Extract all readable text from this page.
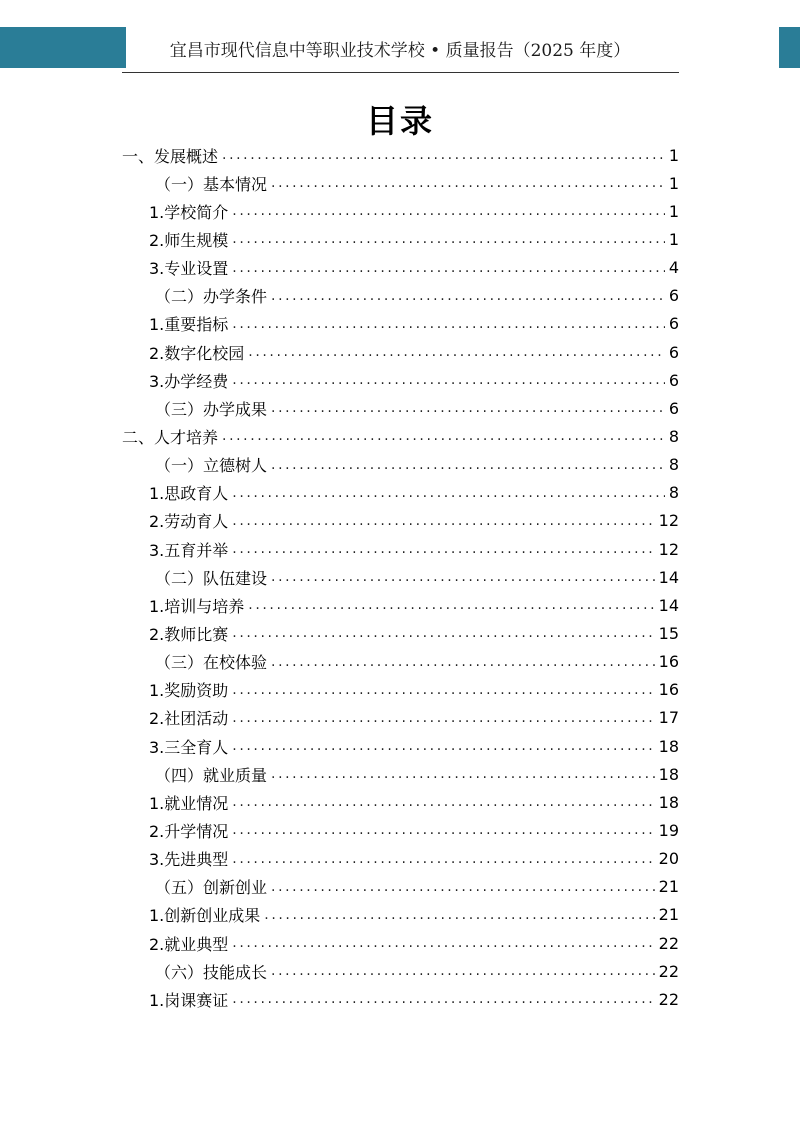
宜昌市现代信息中等职业技术学校 • 质量报告（2025 年度）
目录
一、发展概述 .....	1
（一）基本情况 .....	1
1.学校简介 .....	1
2.师生规模 .....	1
3.专业设置 .....	4
（二）办学条件 .....	6
1.重要指标 .....	6
2.数字化校园 .....	6
3.办学经费 .....	6
（三）办学成果 .....	6
二、人才培养 .....	8
（一）立德树人 .....	8
1.思政育人 .....	8
2.劳动育人 .....	12
3.五育并举 .....	12
（二）队伍建设 .....	14
1.培训与培养 .....	14
2.教师比赛 .....	15
（三）在校体验 .....	16
1.奖励资助 .....	16
2.社团活动 .....	17
3.三全育人 .....	18
（四）就业质量 .....	18
1.就业情况 .....	18
2.升学情况 .....	19
3.先进典型 .....	20
（五）创新创业 .....	21
1.创新创业成果 .....	21
2.就业典型 .....	22
（六）技能成长 .....	22
1.岗课赛证 .....	22
